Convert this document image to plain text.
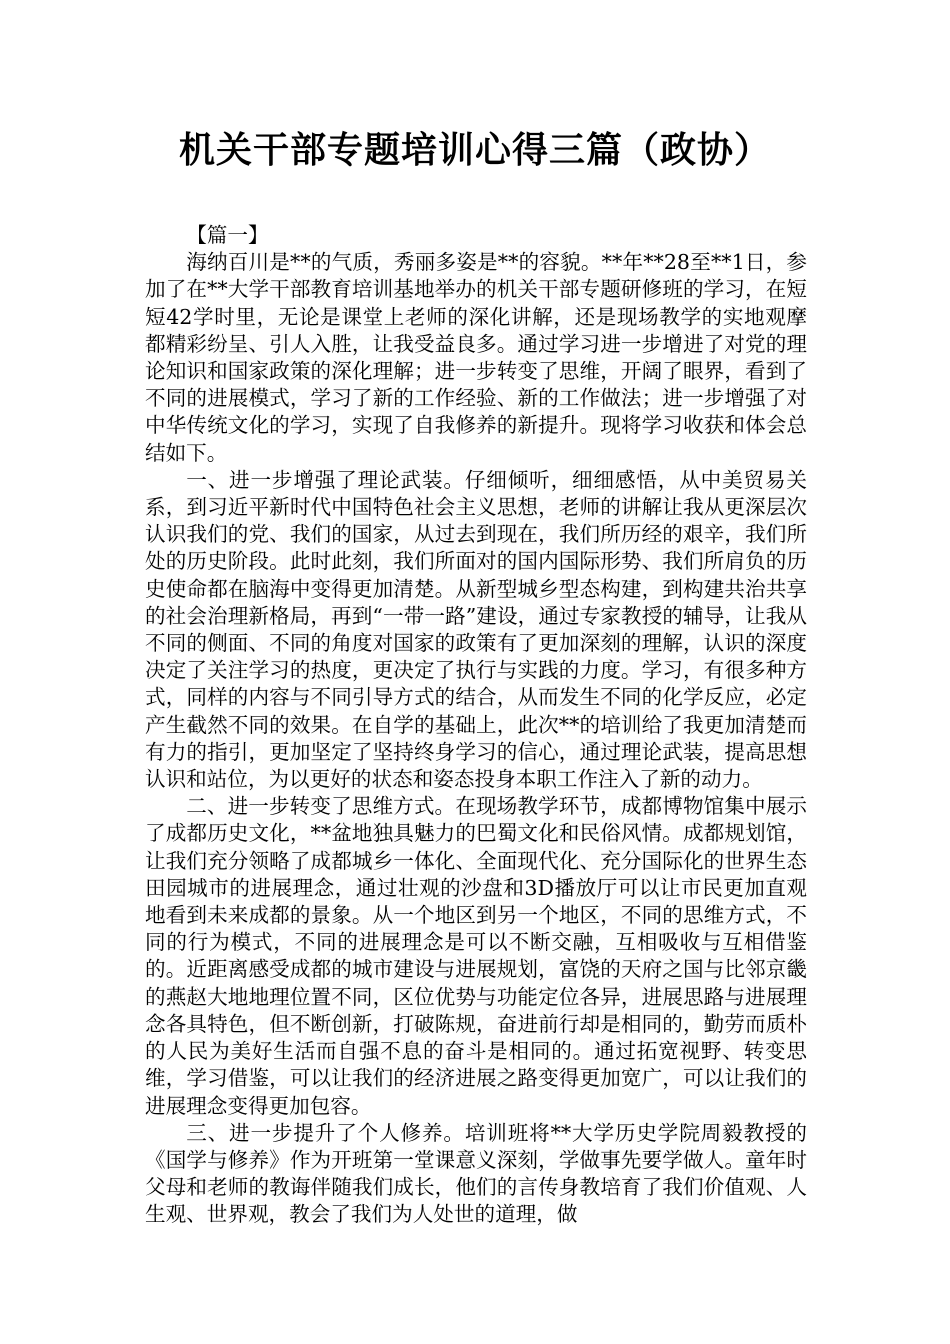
机关干部专题培训心得三篇（政协）

【篇一】

海纳百川是**的气质，秀丽多姿是**的容貌。**年**28至**1日，参加了在**大学干部教育培训基地举办的机关干部专题研修班的学习，在短短42学时里，无论是课堂上老师的深化讲解，还是现场教学的实地观摩都精彩纷呈、引人入胜，让我受益良多。通过学习进一步增进了对党的理论知识和国家政策的深化理解；进一步转变了思维，开阔了眼界，看到了不同的进展模式，学习了新的工作经验、新的工作做法；进一步增强了对中华传统文化的学习，实现了自我修养的新提升。现将学习收获和体会总结如下。

一、进一步增强了理论武装。仔细倾听，细细感悟，从中美贸易关系，到习近平新时代中国特色社会主义思想，老师的讲解让我从更深层次认识我们的党、我们的国家，从过去到现在，我们所历经的艰辛，我们所处的历史阶段。此时此刻，我们所面对的国内国际形势、我们所肩负的历史使命都在脑海中变得更加清楚。从新型城乡型态构建，到构建共治共享的社会治理新格局，再到“一带一路”建设，通过专家教授的辅导，让我从不同的侧面、不同的角度对国家的政策有了更加深刻的理解，认识的深度决定了关注学习的热度，更决定了执行与实践的力度。学习，有很多种方式，同样的内容与不同引导方式的结合，从而发生不同的化学反应，必定产生截然不同的效果。在自学的基础上，此次**的培训给了我更加清楚而有力的指引，更加坚定了坚持终身学习的信心，通过理论武装，提高思想认识和站位，为以更好的状态和姿态投身本职工作注入了新的动力。

二、进一步转变了思维方式。在现场教学环节，成都博物馆集中展示了成都历史文化，**盆地独具魅力的巴蜀文化和民俗风情。成都规划馆，让我们充分领略了成都城乡一体化、全面现代化、充分国际化的世界生态田园城市的进展理念，通过壮观的沙盘和3D播放厅可以让市民更加直观地看到未来成都的景象。从一个地区到另一个地区，不同的思维方式，不同的行为模式，不同的进展理念是可以不断交融，互相吸收与互相借鉴的。近距离感受成都的城市建设与进展规划，富饶的天府之国与比邻京畿的燕赵大地地理位置不同，区位优势与功能定位各异，进展思路与进展理念各具特色，但不断创新，打破陈规，奋进前行却是相同的，勤劳而质朴的人民为美好生活而自强不息的奋斗是相同的。通过拓宽视野、转变思维，学习借鉴，可以让我们的经济进展之路变得更加宽广，可以让我们的进展理念变得更加包容。

三、进一步提升了个人修养。培训班将**大学历史学院周毅教授的《国学与修养》作为开班第一堂课意义深刻，学做事先要学做人。童年时父母和老师的教诲伴随我们成长，他们的言传身教培育了我们价值观、人生观、世界观，教会了我们为人处世的道理，做
